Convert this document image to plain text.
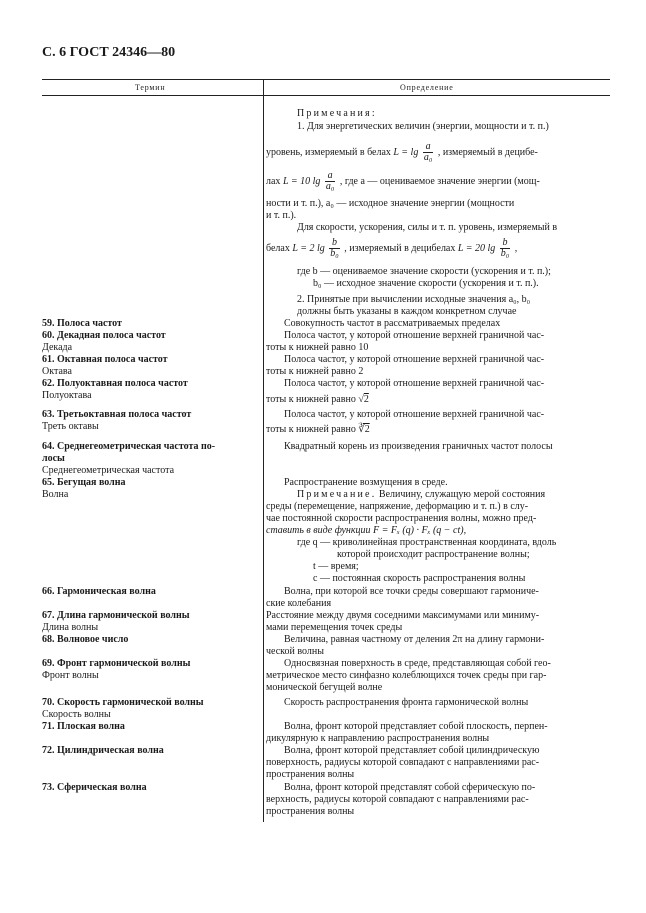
С. 6 ГОСТ 24346—80
Термин	Определение
Примечания:
1. Для энергетических величин (энергии, мощности и т. п.)
уровень, измеряемый в белах $L = \lg \frac{a}{\text{a₀}}$ , измеряемый в децибе-
лах L = 10 $\lg \frac{a}{\text{a₀}}$ , где a — оцениваемое значение энергии (мощ-
ности и т. п.), a₀ — исходное значение энергии (мощности
и т. п.).
Для скорости, ускорения, силы и т. п. уровень, измеряемый в
белах L = 2 $\lg \frac{b}{\text{b₀}}$ , измеряемый в децибелах L = 20 $\lg \frac{b}{\text{b₀}}$ ,
где b — оцениваемое значение скорости (ускорения и т. п.);
b₀ — исходное значение скорости (ускорения и т. п.).
2. Принятые при вычислении исходные значения a₀, b₀
должны быть указаны в каждом конкретном случае
59. Полоса частот
60. Декадная полоса частот
Декада
61. Октавная полоса частот
Октава
62. Полуоктавная полоса частот
Полуоктава
63. Третьоктавная полоса частот
Треть октавы
64. Среднегеометрическая частота по-
лосы
Среднегеометрическая частота
65. Бегущая волна
Волна
66. Гармоническая волна
67. Длина гармонической волны
Длина волны
68. Волновое число
69. Фронт гармонической волны
Фронт волны
70. Скорость гармонической волны
Скорость волны
71. Плоская волна
72. Цилиндрическая волна
73. Сферическая волна
Совокупность частот в рассматриваемых пределах
Полоса частот, у которой отношение верхней граничной час-
тоты к нижней равно 10
Полоса частот, у которой отношение верхней граничной час-
тоты к нижней равно 2
Полоса частот, у которой отношение верхней граничной час-
тоты к нижней равно √2
Полоса частот, у которой отношение верхней граничной час-
тоты к нижней равно ∛2
Квадратный корень из произведения граничных частот полосы
Распространение возмущения в среде.
Примечание. Величину, служащую мерой состояния
среды (перемещение, напряжение, деформацию и т. п.) в слу-
чае постоянной скорости распространения волны, можно пред-
ставить в виде функции F = Fₓ (q) · Fₓ (q − ct),
где q — криволинейная пространственная координата, вдоль
которой происходит распространение волны;
t — время;
c — постоянная скорость распространения волны
Волна, при которой все точки среды совершают гармониче-
ские колебания
Расстояние между двумя соседними максимумами или миниму-
мами перемещения точек среды
Величина, равная частному от деления 2π на длину гармони-
ческой волны
Односвязная поверхность в среде, представляющая собой гео-
метрическое место синфазно колеблющихся точек среды при гар-
монической бегущей волне
Скорость распространения фронта гармонической волны
Волна, фронт которой представляет собой плоскость, перпен-
дикулярную к направлению распространения волны
Волна, фронт которой представляет собой цилиндрическую
поверхность, радиусы которой совпадают с направлениями рас-
пространения волны
Волна, фронт которой представлят собой сферическую по-
верхность, радиусы которой совпадают с направлениями рас-
пространения волны
